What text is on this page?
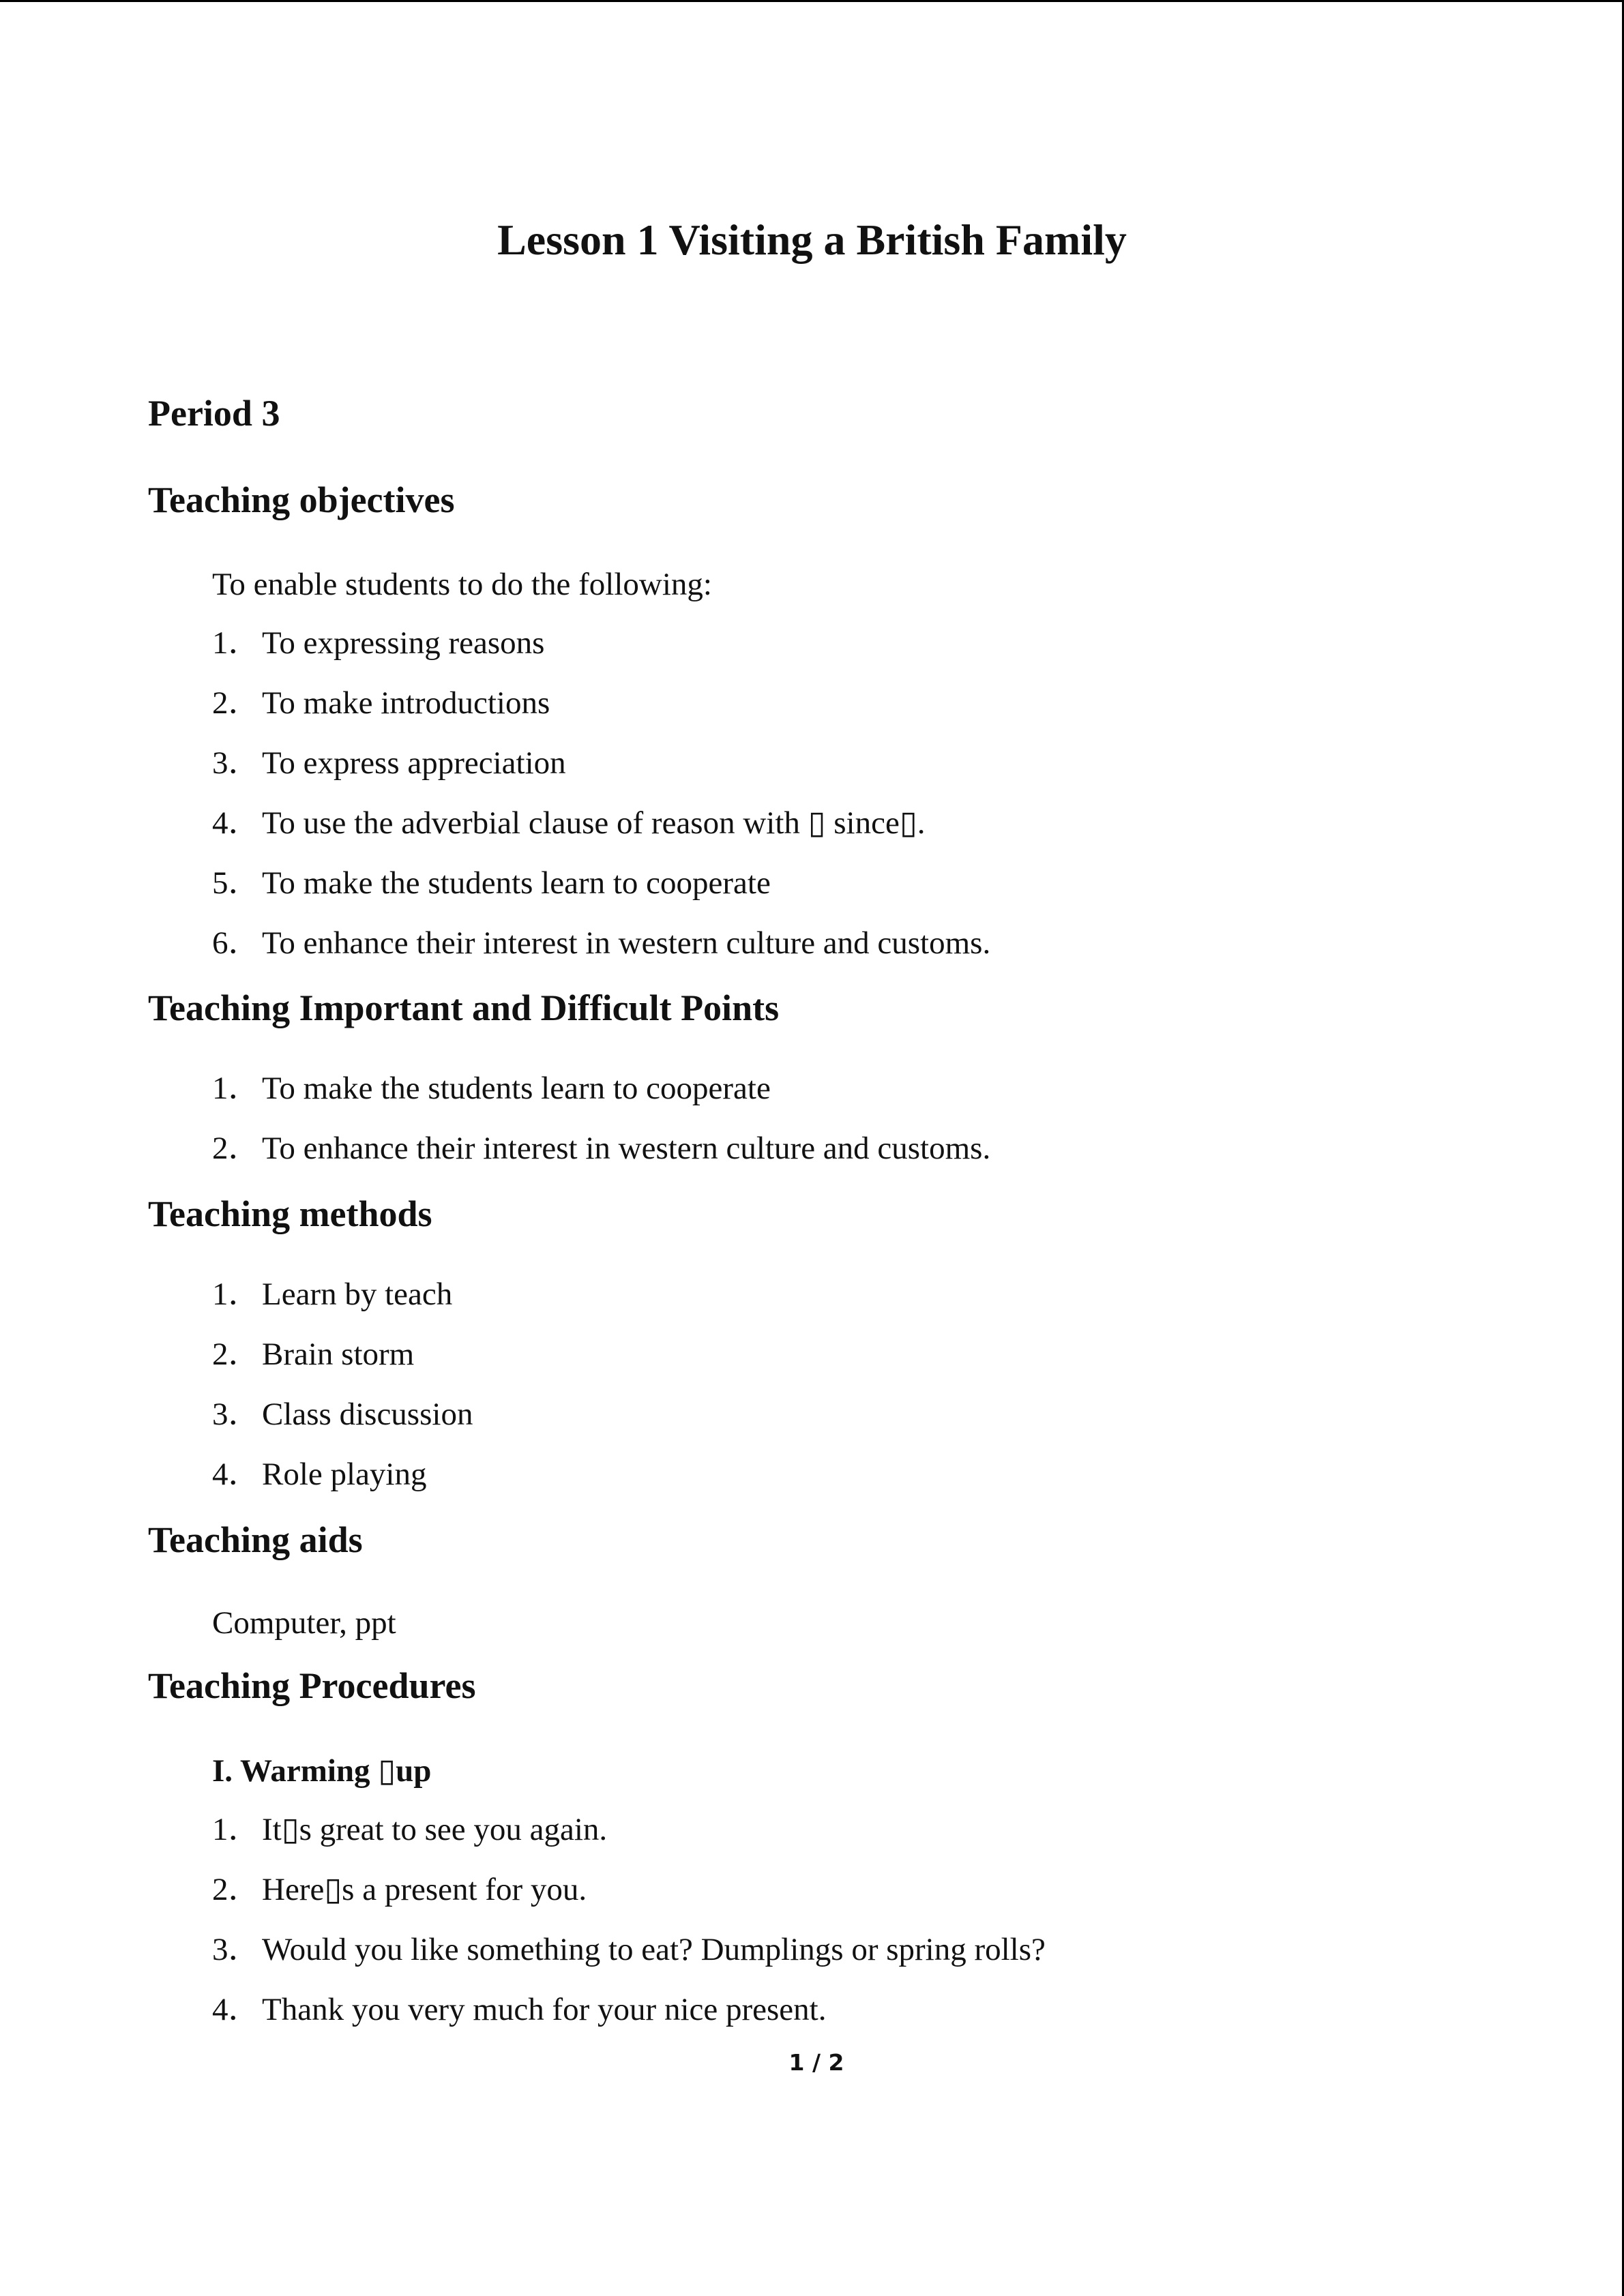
Lesson 1 Visiting a British Family
Period 3
Teaching objectives
To enable students to do the following:
1． To expressing reasons
2． To make introductions
3． To express appreciation
4． To use the adverbial clause of reason with ▯ since▯.
5． To make the students learn to cooperate
6． To enhance their interest in western culture and customs.
Teaching Important and Difficult Points
1． To make the students learn to cooperate
2． To enhance their interest in western culture and customs.
Teaching methods
1． Learn by teach
2． Brain storm
3． Class discussion
4． Role playing
Teaching aids
Computer, ppt
Teaching Procedures
I. Warming ▯up
1． It▯s great to see you again.
2． Here▯s a present for you.
3． Would you like something to eat? Dumplings or spring rolls?
4． Thank you very much for your nice present.
1 / 2
